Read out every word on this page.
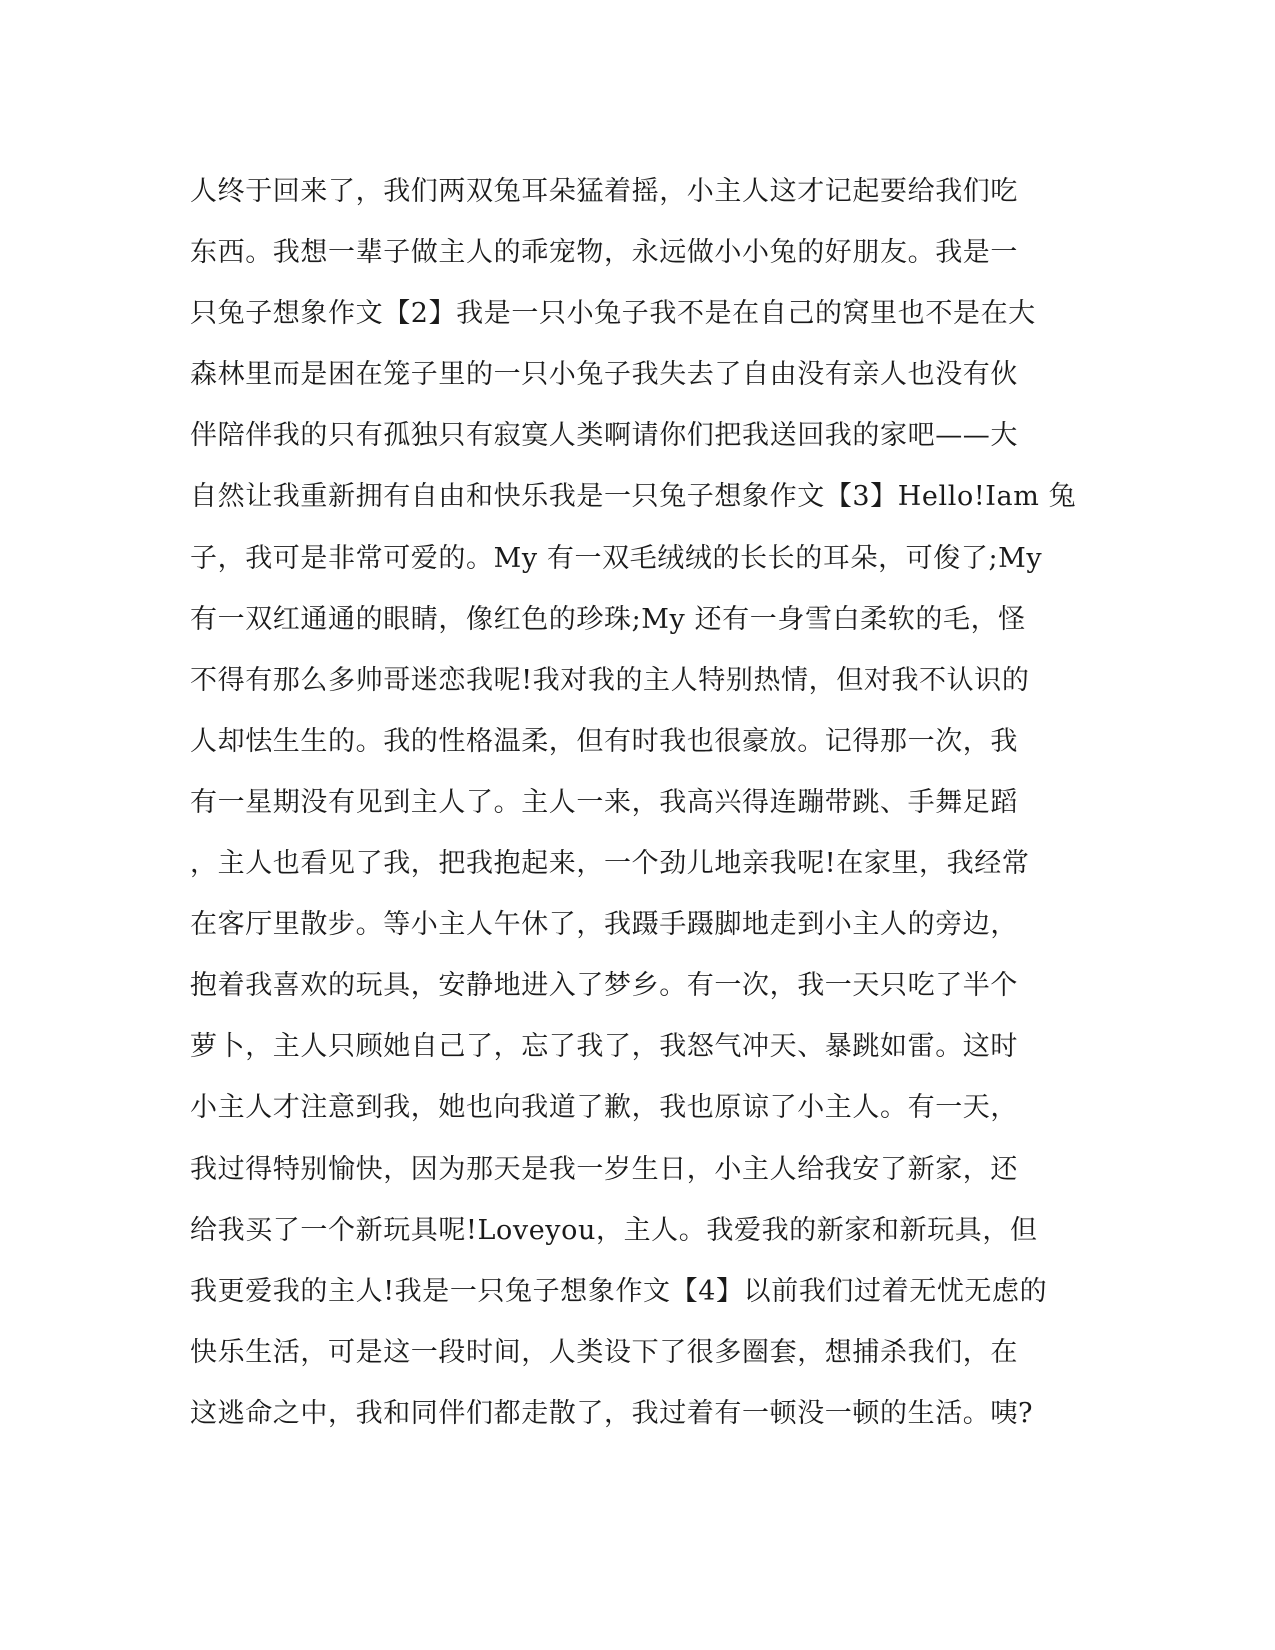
人终于回来了，我们两双兔耳朵猛着摇，小主人这才记起要给我们吃
东西。我想一辈子做主人的乖宠物，永远做小小兔的好朋友。我是一
只兔子想象作文【2】我是一只小兔子我不是在自己的窝里也不是在大
森林里而是困在笼子里的一只小兔子我失去了自由没有亲人也没有伙
伴陪伴我的只有孤独只有寂寞人类啊请你们把我送回我的家吧——大
自然让我重新拥有自由和快乐我是一只兔子想象作文【3】Hello!Iam 兔
子，我可是非常可爱的。My 有一双毛绒绒的长长的耳朵，可俊了;My
有一双红通通的眼睛，像红色的珍珠;My 还有一身雪白柔软的毛，怪
不得有那么多帅哥迷恋我呢!我对我的主人特别热情，但对我不认识的
人却怯生生的。我的性格温柔，但有时我也很豪放。记得那一次，我
有一星期没有见到主人了。主人一来，我高兴得连蹦带跳、手舞足蹈
，主人也看见了我，把我抱起来，一个劲儿地亲我呢!在家里，我经常
在客厅里散步。等小主人午休了，我蹑手蹑脚地走到小主人的旁边，
抱着我喜欢的玩具，安静地进入了梦乡。有一次，我一天只吃了半个
萝卜，主人只顾她自己了，忘了我了，我怒气冲天、暴跳如雷。这时
小主人才注意到我，她也向我道了歉，我也原谅了小主人。有一天，
我过得特别愉快，因为那天是我一岁生日，小主人给我安了新家，还
给我买了一个新玩具呢!Loveyou，主人。我爱我的新家和新玩具，但
我更爱我的主人!我是一只兔子想象作文【4】以前我们过着无忧无虑的
快乐生活，可是这一段时间，人类设下了很多圈套，想捕杀我们，在
这逃命之中，我和同伴们都走散了，我过着有一顿没一顿的生活。咦?
